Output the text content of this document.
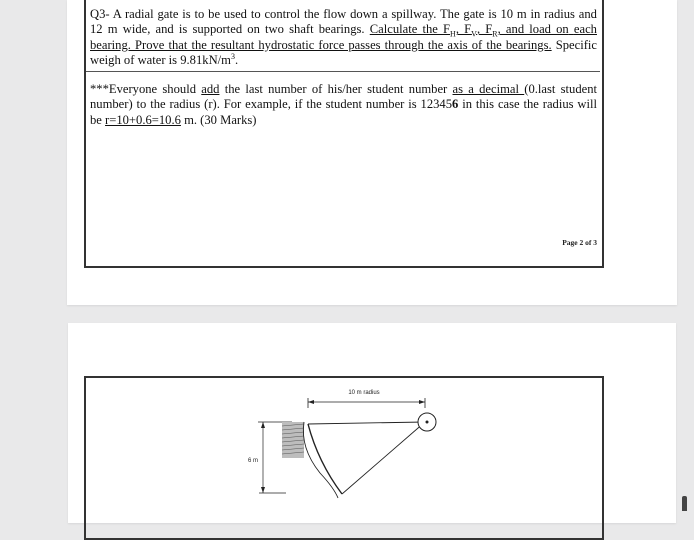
Q3- A radial gate is to be used to control the flow down a spillway. The gate is 10 m in radius and 12 m wide, and is supported on two shaft bearings. Calculate the $F_H$, $F_V$, $F_R$, and load on each bearing. Prove that the resultant hydrostatic force passes through the axis of the bearings. Specific weigh of water is $9.81kN/m^3$.
***Everyone should add the last number of his/her student number as a decimal (0.last student number) to the radius (r). For example, if the student number is 123456 in this case the radius will be r=10+0.6=10.6 m. (30 Marks)
Page 2 of 3
10 m radius
6 m
